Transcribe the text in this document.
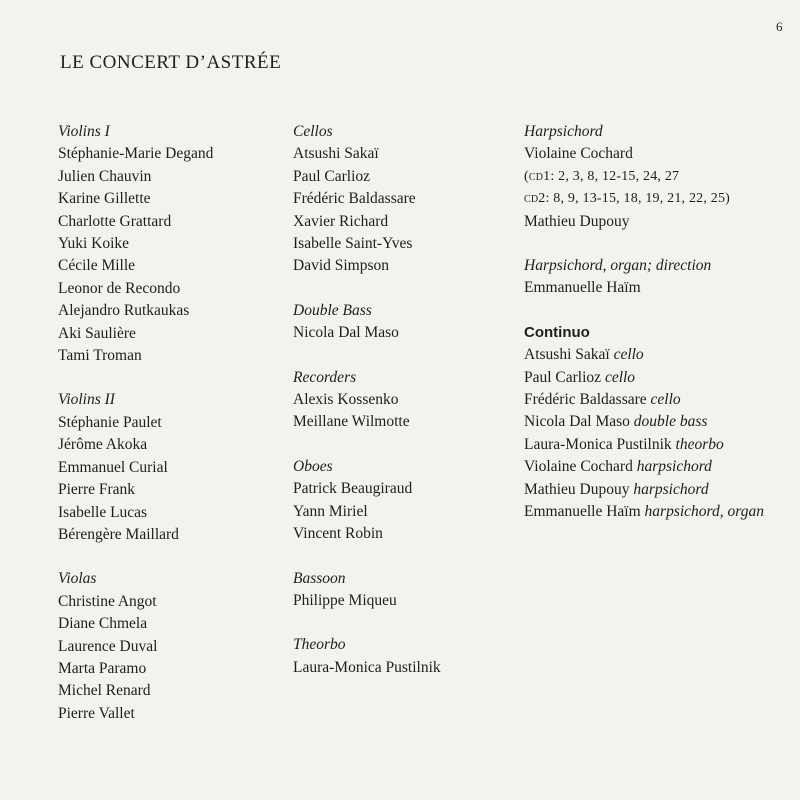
6
LE CONCERT D’ASTRÉE
Violins I
Stéphanie-Marie Degand
Julien Chauvin
Karine Gillette
Charlotte Grattard
Yuki Koike
Cécile Mille
Leonor de Recondo
Alejandro Rutkaukas
Aki Saulière
Tami Troman
Violins II
Stéphanie Paulet
Jérôme Akoka
Emmanuel Curial
Pierre Frank
Isabelle Lucas
Bérengère Maillard
Violas
Christine Angot
Diane Chmela
Laurence Duval
Marta Paramo
Michel Renard
Pierre Vallet
Cellos
Atsushi Sakaï
Paul Carlioz
Frédéric Baldassare
Xavier Richard
Isabelle Saint-Yves
David Simpson
Double Bass
Nicola Dal Maso
Recorders
Alexis Kossenko
Meillane Wilmotte
Oboes
Patrick Beaugiraud
Yann Miriel
Vincent Robin
Bassoon
Philippe Miqueu
Theorbo
Laura-Monica Pustilnik
Harpsichord
Violaine Cochard
(cd1: 2, 3, 8, 12-15, 24, 27
cd2: 8, 9, 13-15, 18, 19, 21, 22, 25)
Mathieu Dupouy
Harpsichord, organ; direction
Emmanuelle Haïm
Continuo
Atsushi Sakaï cello
Paul Carlioz cello
Frédéric Baldassare cello
Nicola Dal Maso double bass
Laura-Monica Pustilnik theorbo
Violaine Cochard harpsichord
Mathieu Dupouy harpsichord
Emmanuelle Haïm harpsichord, organ
